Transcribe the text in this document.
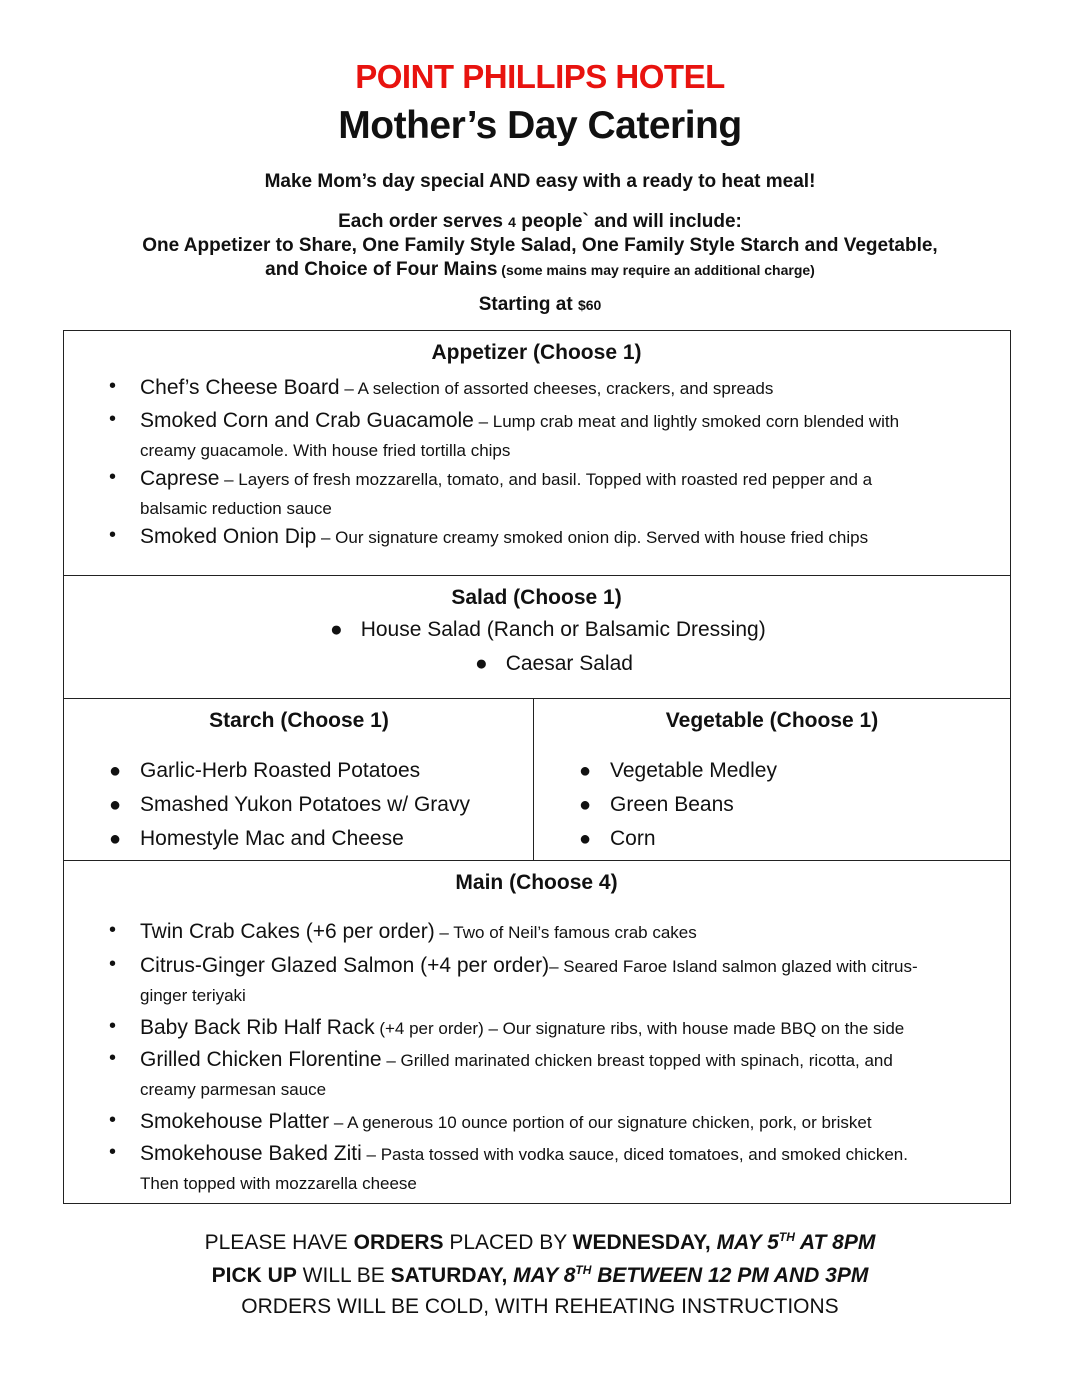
POINT PHILLIPS HOTEL
Mother’s Day Catering
Make Mom’s day special AND easy with a ready to heat meal!
Each order serves 4 people` and will include:
One Appetizer to Share, One Family Style Salad, One Family Style Starch and Vegetable,
and Choice of Four Mains (some mains may require an additional charge)
Starting at $60
Appetizer (Choose 1)
• Chef’s Cheese Board – A selection of assorted cheeses, crackers, and spreads
• Smoked Corn and Crab Guacamole – Lump crab meat and lightly smoked corn blended with
creamy guacamole. With house fried tortilla chips
• Caprese – Layers of fresh mozzarella, tomato, and basil. Topped with roasted red pepper and a
balsamic reduction sauce
• Smoked Onion Dip – Our signature creamy smoked onion dip. Served with house fried chips
Salad (Choose 1)
● House Salad (Ranch or Balsamic Dressing)
● Caesar Salad
Starch (Choose 1)
● Garlic-Herb Roasted Potatoes
● Smashed Yukon Potatoes w/ Gravy
● Homestyle Mac and Cheese
Vegetable (Choose 1)
● Vegetable Medley
● Green Beans
● Corn
Main (Choose 4)
• Twin Crab Cakes (+6 per order) – Two of Neil’s famous crab cakes
• Citrus-Ginger Glazed Salmon (+4 per order)– Seared Faroe Island salmon glazed with citrus-
ginger teriyaki
• Baby Back Rib Half Rack (+4 per order) – Our signature ribs, with house made BBQ on the side
• Grilled Chicken Florentine – Grilled marinated chicken breast topped with spinach, ricotta, and
creamy parmesan sauce
• Smokehouse Platter – A generous 10 ounce portion of our signature chicken, pork, or brisket
• Smokehouse Baked Ziti – Pasta tossed with vodka sauce, diced tomatoes, and smoked chicken.
Then topped with mozzarella cheese
PLEASE HAVE ORDERS PLACED BY WEDNESDAY, MAY 5TH AT 8PM
PICK UP WILL BE SATURDAY, MAY 8TH BETWEEN 12 PM AND 3PM
ORDERS WILL BE COLD, WITH REHEATING INSTRUCTIONS
